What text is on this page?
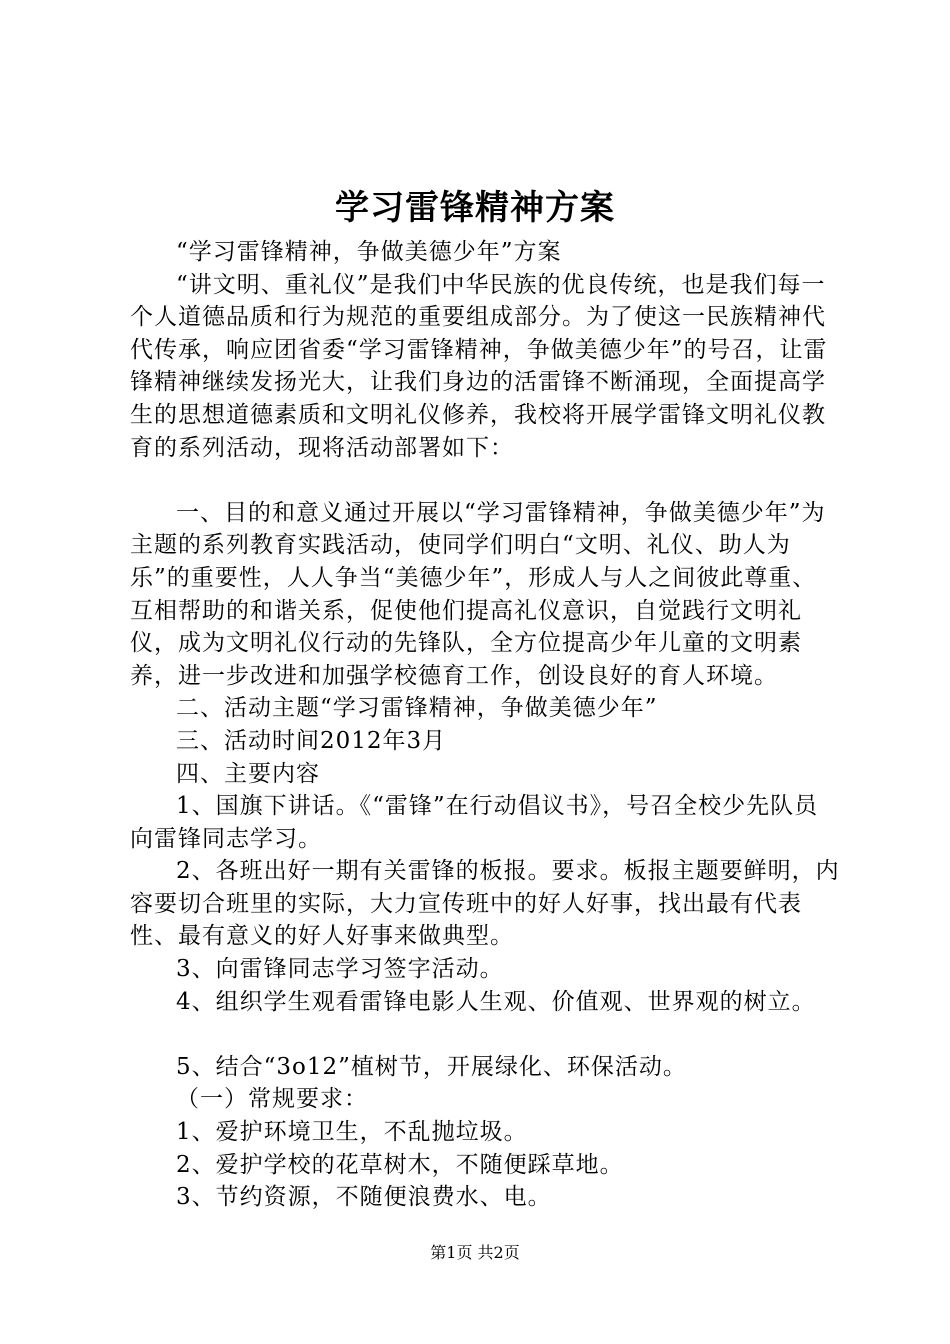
学习雷锋精神方案

“学习雷锋精神，争做美德少年”方案

“讲文明、重礼仪”是我们中华民族的优良传统，也是我们每一个人道德品质和行为规范的重要组成部分。为了使这一民族精神代代传承，响应团省委“学习雷锋精神，争做美德少年”的号召，让雷锋精神继续发扬光大，让我们身边的活雷锋不断涌现，全面提高学生的思想道德素质和文明礼仪修养，我校将开展学雷锋文明礼仪教育的系列活动，现将活动部署如下：

一、目的和意义通过开展以“学习雷锋精神，争做美德少年”为主题的系列教育实践活动，使同学们明白“文明、礼仪、助人为乐”的重要性，人人争当“美德少年”，形成人与人之间彼此尊重、互相帮助的和谐关系，促使他们提高礼仪意识，自觉践行文明礼仪，成为文明礼仪行动的先锋队，全方位提高少年儿童的文明素养，进一步改进和加强学校德育工作，创设良好的育人环境。

二、活动主题“学习雷锋精神，争做美德少年”

三、活动时间2012年3月

四、主要内容

1、国旗下讲话。《“雷锋”在行动倡议书》，号召全校少先队员向雷锋同志学习。

2、各班出好一期有关雷锋的板报。要求。板报主题要鲜明，内容要切合班里的实际，大力宣传班中的好人好事，找出最有代表性、最有意义的好人好事来做典型。

3、向雷锋同志学习签字活动。

4、组织学生观看雷锋电影人生观、价值观、世界观的树立。

5、结合“3o12”植树节，开展绿化、环保活动。

（一）常规要求：

1、爱护环境卫生，不乱抛垃圾。

2、爱护学校的花草树木，不随便踩草地。

3、节约资源，不随便浪费水、电。

第1页 共2页
